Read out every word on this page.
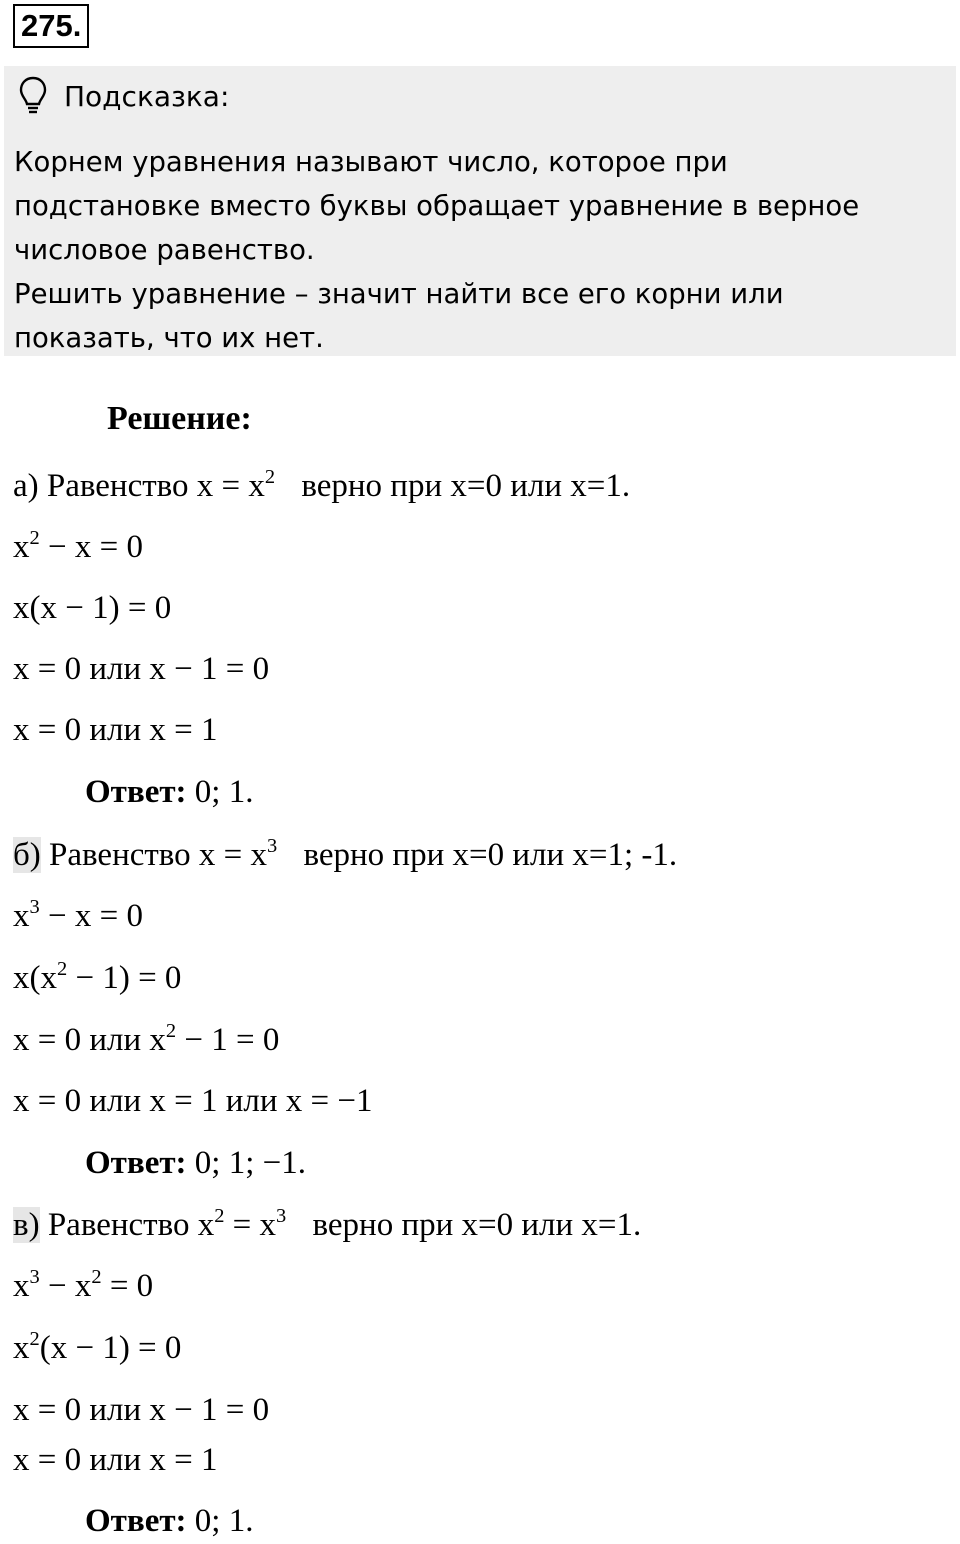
275.
Подсказка:
Корнем уравнения называют число, которое при
подстановке вместо буквы обращает уравнение в верное
числовое равенство.
Решить уравнение – значит найти все его корни или
показать, что их нет.
Решение:
а) Равенство $x = x^2$ верно при x=0 или x=1.
$x^2 - x = 0$
x(x − 1) = 0
x = 0 или x − 1 = 0
x = 0 или x = 1
Ответ: 0; 1.
б) Равенство $x = x^3$ верно при x=0 или x=1; -1.
$x^3 - x = 0$
$x(x^2 - 1) = 0$
x = 0 или $x^2 - 1 = 0$
x = 0 или x = 1 или x = −1
Ответ: 0; 1; −1.
в) Равенство $x^2 = x^3$ верно при x=0 или x=1.
$x^3 - x^2 = 0$
$x^2(x - 1) = 0$
x = 0 или x − 1 = 0
x = 0 или x = 1
Ответ: 0; 1.
